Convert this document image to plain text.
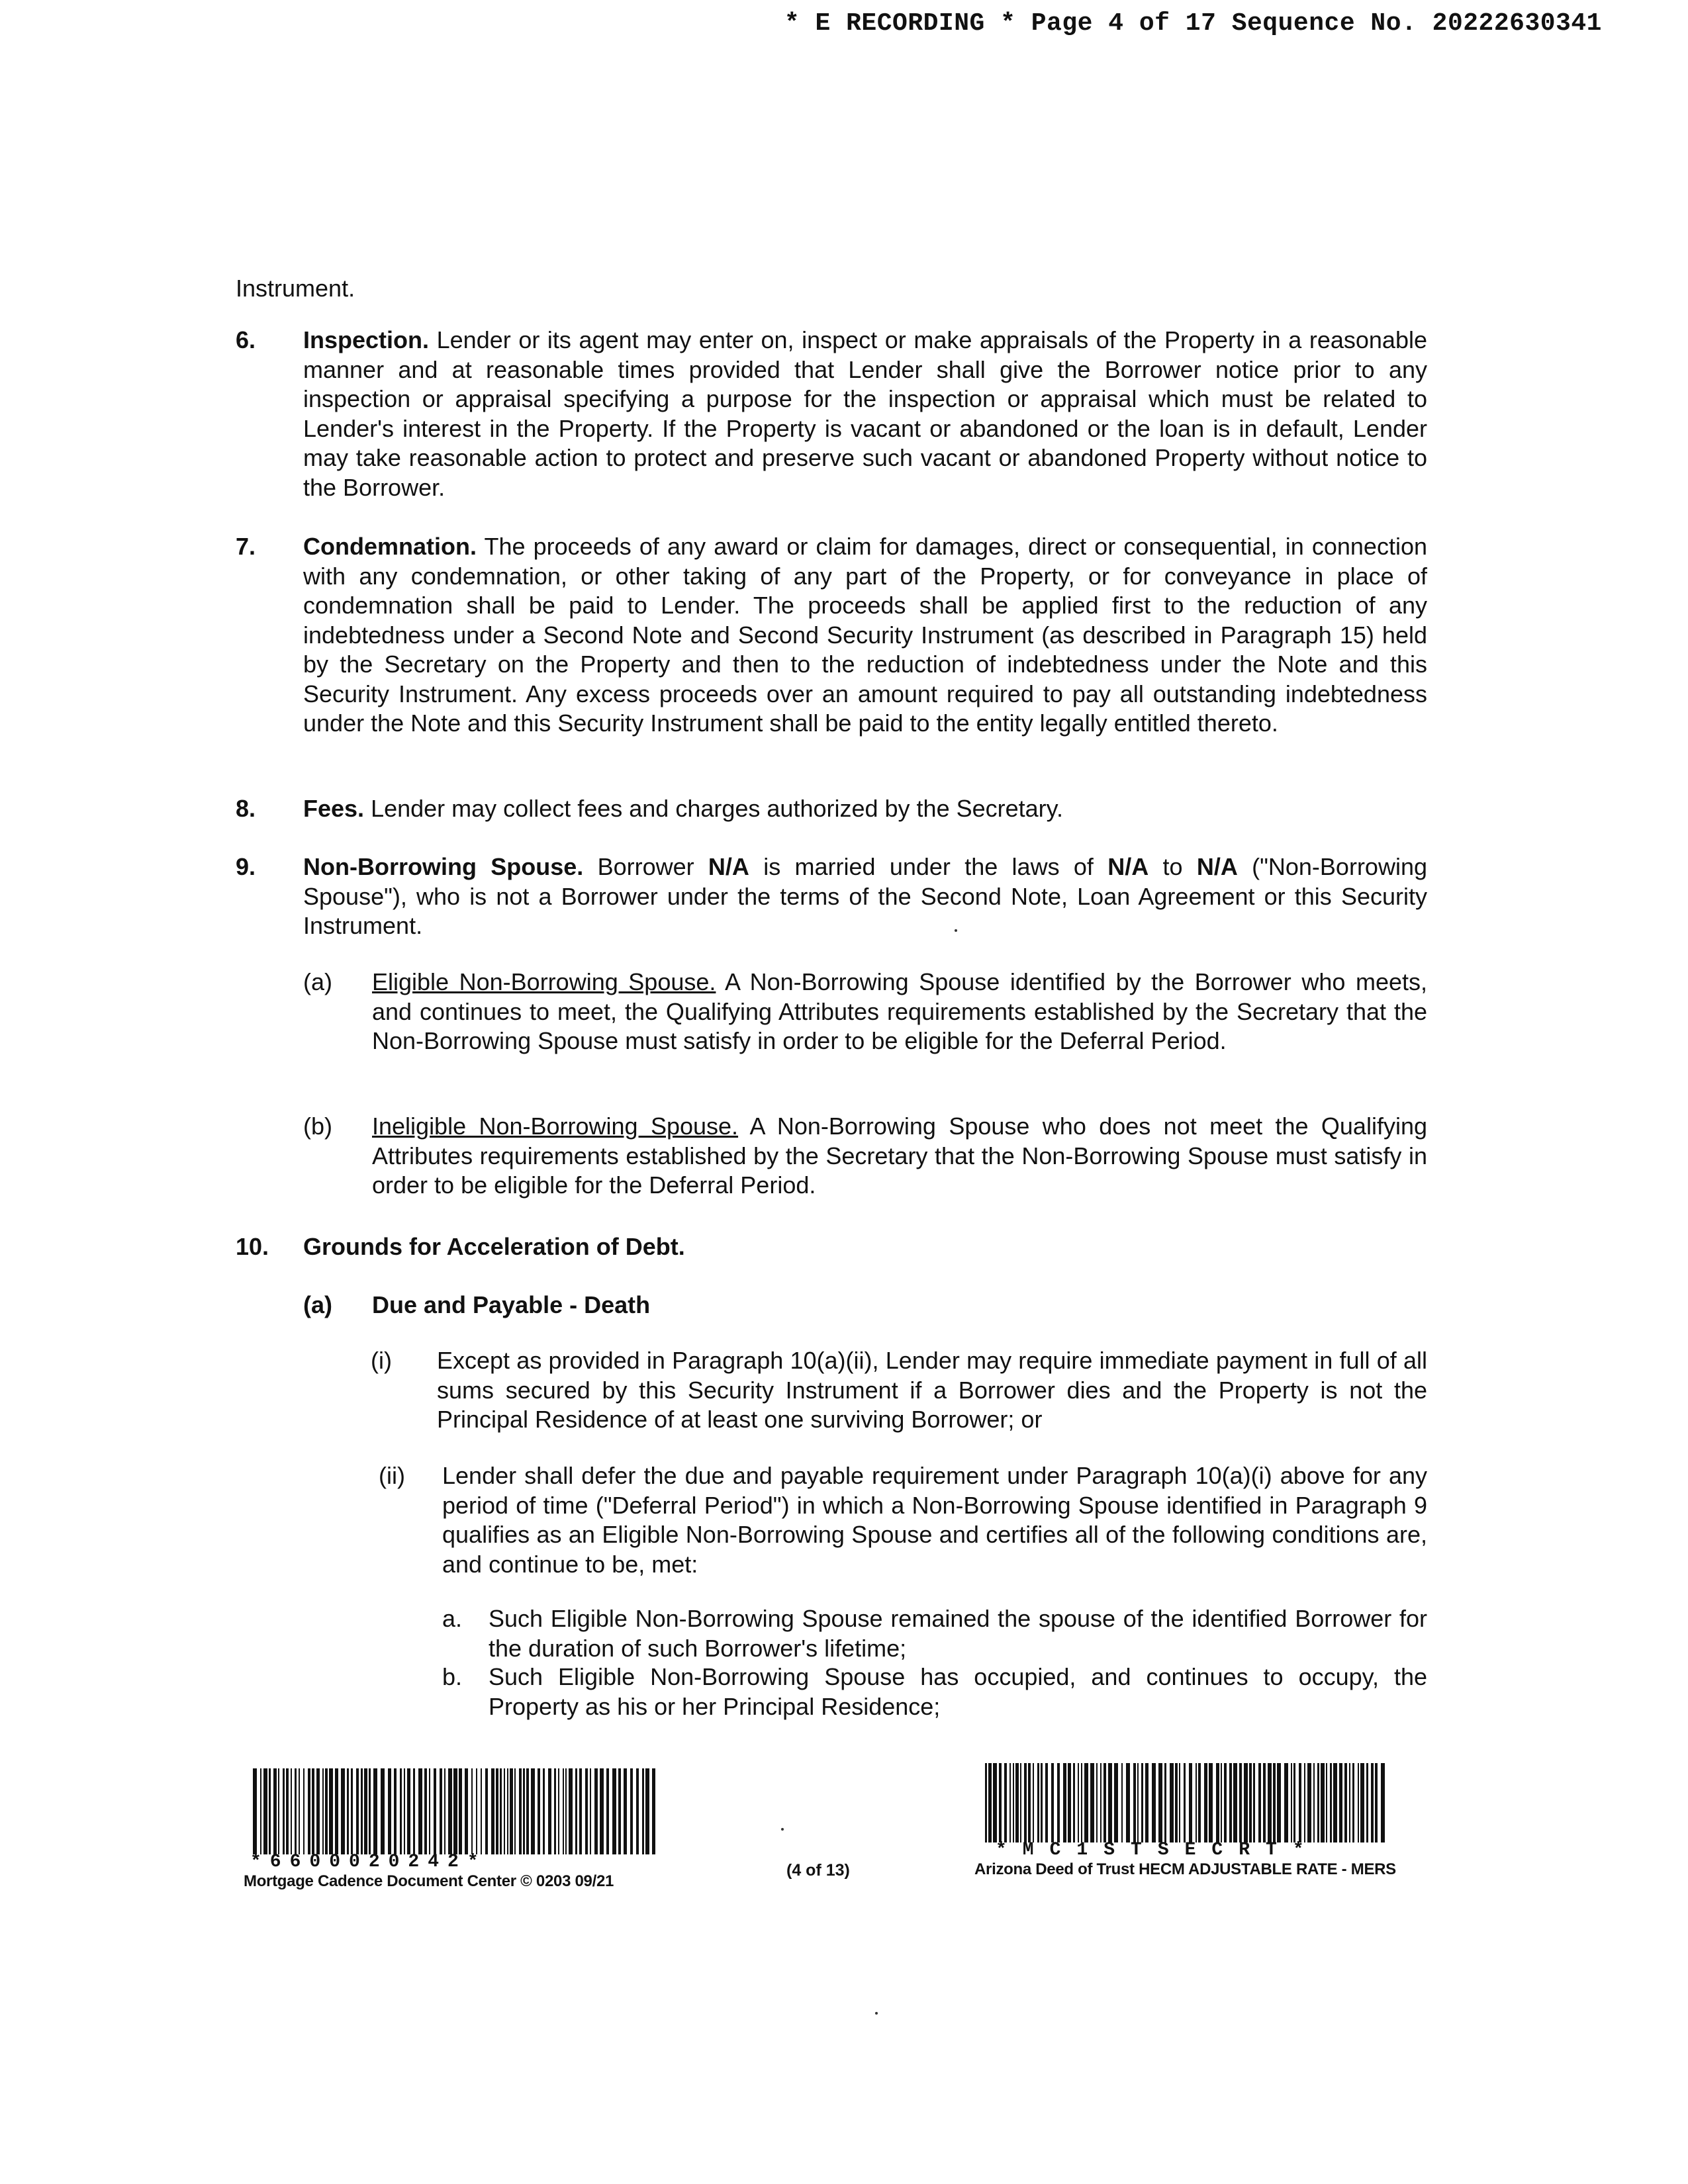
* E RECORDING * Page 4 of 17 Sequence No. 20222630341
Instrument.
6. Inspection. Lender or its agent may enter on, inspect or make appraisals of the Property in a reasonable manner and at reasonable times provided that Lender shall give the Borrower notice prior to any inspection or appraisal specifying a purpose for the inspection or appraisal which must be related to Lender's interest in the Property. If the Property is vacant or abandoned or the loan is in default, Lender may take reasonable action to protect and preserve such vacant or abandoned Property without notice to the Borrower.
7. Condemnation. The proceeds of any award or claim for damages, direct or consequential, in connection with any condemnation, or other taking of any part of the Property, or for conveyance in place of condemnation shall be paid to Lender. The proceeds shall be applied first to the reduction of any indebtedness under a Second Note and Second Security Instrument (as described in Paragraph 15) held by the Secretary on the Property and then to the reduction of indebtedness under the Note and this Security Instrument. Any excess proceeds over an amount required to pay all outstanding indebtedness under the Note and this Security Instrument shall be paid to the entity legally entitled thereto.
8. Fees. Lender may collect fees and charges authorized by the Secretary.
9. Non-Borrowing Spouse. Borrower N/A is married under the laws of N/A to N/A ("Non-Borrowing Spouse"), who is not a Borrower under the terms of the Second Note, Loan Agreement or this Security Instrument.
(a) Eligible Non-Borrowing Spouse. A Non-Borrowing Spouse identified by the Borrower who meets, and continues to meet, the Qualifying Attributes requirements established by the Secretary that the Non-Borrowing Spouse must satisfy in order to be eligible for the Deferral Period.
(b) Ineligible Non-Borrowing Spouse. A Non-Borrowing Spouse who does not meet the Qualifying Attributes requirements established by the Secretary that the Non-Borrowing Spouse must satisfy in order to be eligible for the Deferral Period.
10. Grounds for Acceleration of Debt.
(a) Due and Payable - Death
(i) Except as provided in Paragraph 10(a)(ii), Lender may require immediate payment in full of all sums secured by this Security Instrument if a Borrower dies and the Property is not the Principal Residence of at least one surviving Borrower; or
(ii) Lender shall defer the due and payable requirement under Paragraph 10(a)(i) above for any period of time ("Deferral Period") in which a Non-Borrowing Spouse identified in Paragraph 9 qualifies as an Eligible Non-Borrowing Spouse and certifies all of the following conditions are, and continue to be, met:
a. Such Eligible Non-Borrowing Spouse remained the spouse of the identified Borrower for the duration of such Borrower's lifetime;
b. Such Eligible Non-Borrowing Spouse has occupied, and continues to occupy, the Property as his or her Principal Residence;
*6600020242*
Mortgage Cadence Document Center © 0203 09/21
(4 of 13)
*MC1STSECRT*
Arizona Deed of Trust HECM ADJUSTABLE RATE - MERS
